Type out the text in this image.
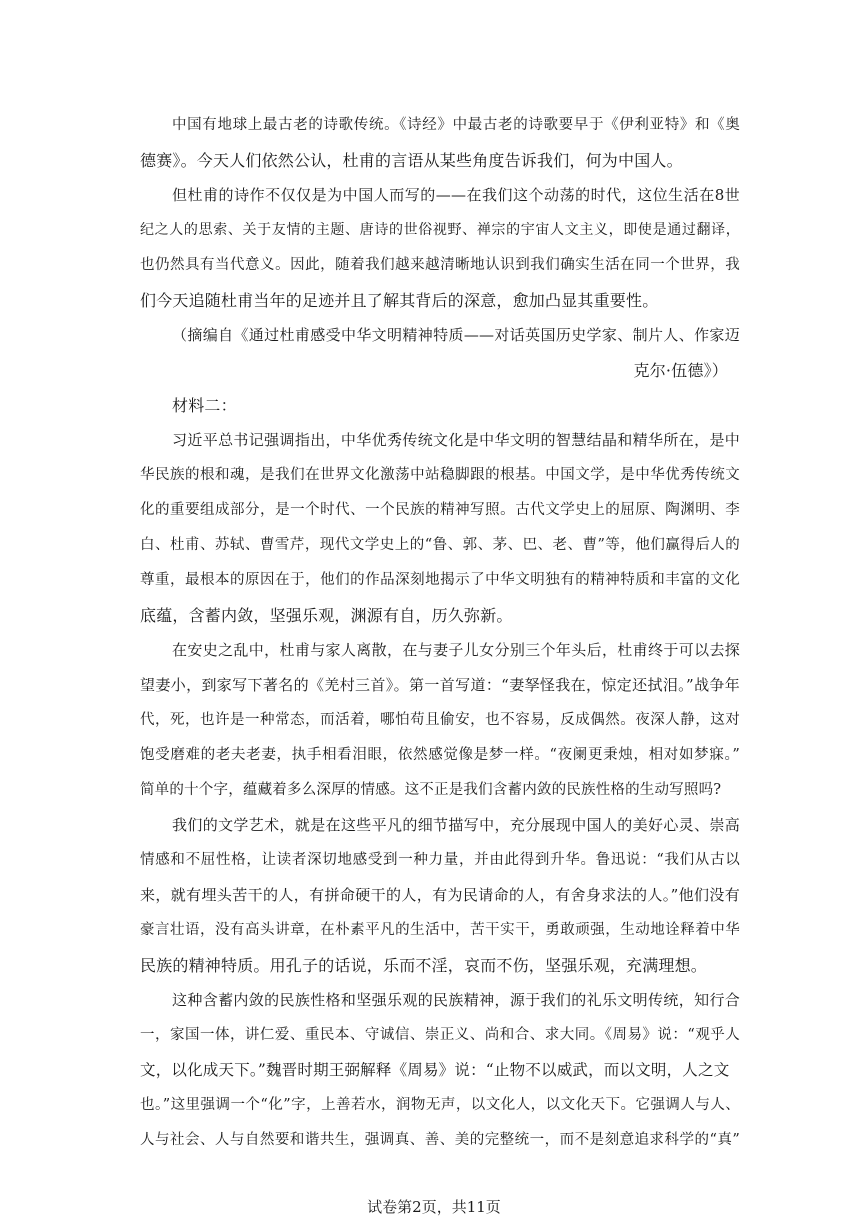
中国有地球上最古老的诗歌传统。《诗经》中最古老的诗歌要早于《伊利亚特》和《奥
德赛》。今天人们依然公认，杜甫的言语从某些角度告诉我们，何为中国人。
但杜甫的诗作不仅仅是为中国人而写的——在我们这个动荡的时代，这位生活在8世
纪之人的思索、关于友情的主题、唐诗的世俗视野、禅宗的宇宙人文主义，即使是通过翻译，
也仍然具有当代意义。因此，随着我们越来越清晰地认识到我们确实生活在同一个世界，我
们今天追随杜甫当年的足迹并且了解其背后的深意，愈加凸显其重要性。
（摘编自《通过杜甫感受中华文明精神特质——对话英国历史学家、制片人、作家迈
克尔·伍德》）
材料二：
习近平总书记强调指出，中华优秀传统文化是中华文明的智慧结晶和精华所在，是中
华民族的根和魂，是我们在世界文化激荡中站稳脚跟的根基。中国文学，是中华优秀传统文
化的重要组成部分，是一个时代、一个民族的精神写照。古代文学史上的屈原、陶渊明、李
白、杜甫、苏轼、曹雪芹，现代文学史上的“鲁、郭、茅、巴、老、曹”等，他们赢得后人的
尊重，最根本的原因在于，他们的作品深刻地揭示了中华文明独有的精神特质和丰富的文化
底蕴，含蓄内敛，坚强乐观，渊源有自，历久弥新。
在安史之乱中，杜甫与家人离散，在与妻子儿女分别三个年头后，杜甫终于可以去探
望妻小，到家写下著名的《羌村三首》。第一首写道：“妻孥怪我在，惊定还拭泪。”战争年
代，死，也许是一种常态，而活着，哪怕苟且偷安，也不容易，反成偶然。夜深人静，这对
饱受磨难的老夫老妻，执手相看泪眼，依然感觉像是梦一样。“夜阑更秉烛，相对如梦寐。”
简单的十个字，蕴藏着多么深厚的情感。这不正是我们含蓄内敛的民族性格的生动写照吗?
我们的文学艺术，就是在这些平凡的细节描写中，充分展现中国人的美好心灵、崇高
情感和不屈性格，让读者深切地感受到一种力量，并由此得到升华。鲁迅说：“我们从古以
来，就有埋头苦干的人，有拼命硬干的人，有为民请命的人，有舍身求法的人。”他们没有
豪言壮语，没有高头讲章，在朴素平凡的生活中，苦干实干，勇敢顽强，生动地诠释着中华
民族的精神特质。用孔子的话说，乐而不淫，哀而不伤，坚强乐观，充满理想。
这种含蓄内敛的民族性格和坚强乐观的民族精神，源于我们的礼乐文明传统，知行合
一，家国一体，讲仁爱、重民本、守诚信、崇正义、尚和合、求大同。《周易》说：“观乎人
文，以化成天下。”魏晋时期王弼解释《周易》说：“止物不以威武，而以文明，人之文
也。”这里强调一个“化”字，上善若水，润物无声，以文化人，以文化天下。它强调人与人、
人与社会、人与自然要和谐共生，强调真、善、美的完整统一，而不是刻意追求科学的“真”
试卷第2页，共11页
